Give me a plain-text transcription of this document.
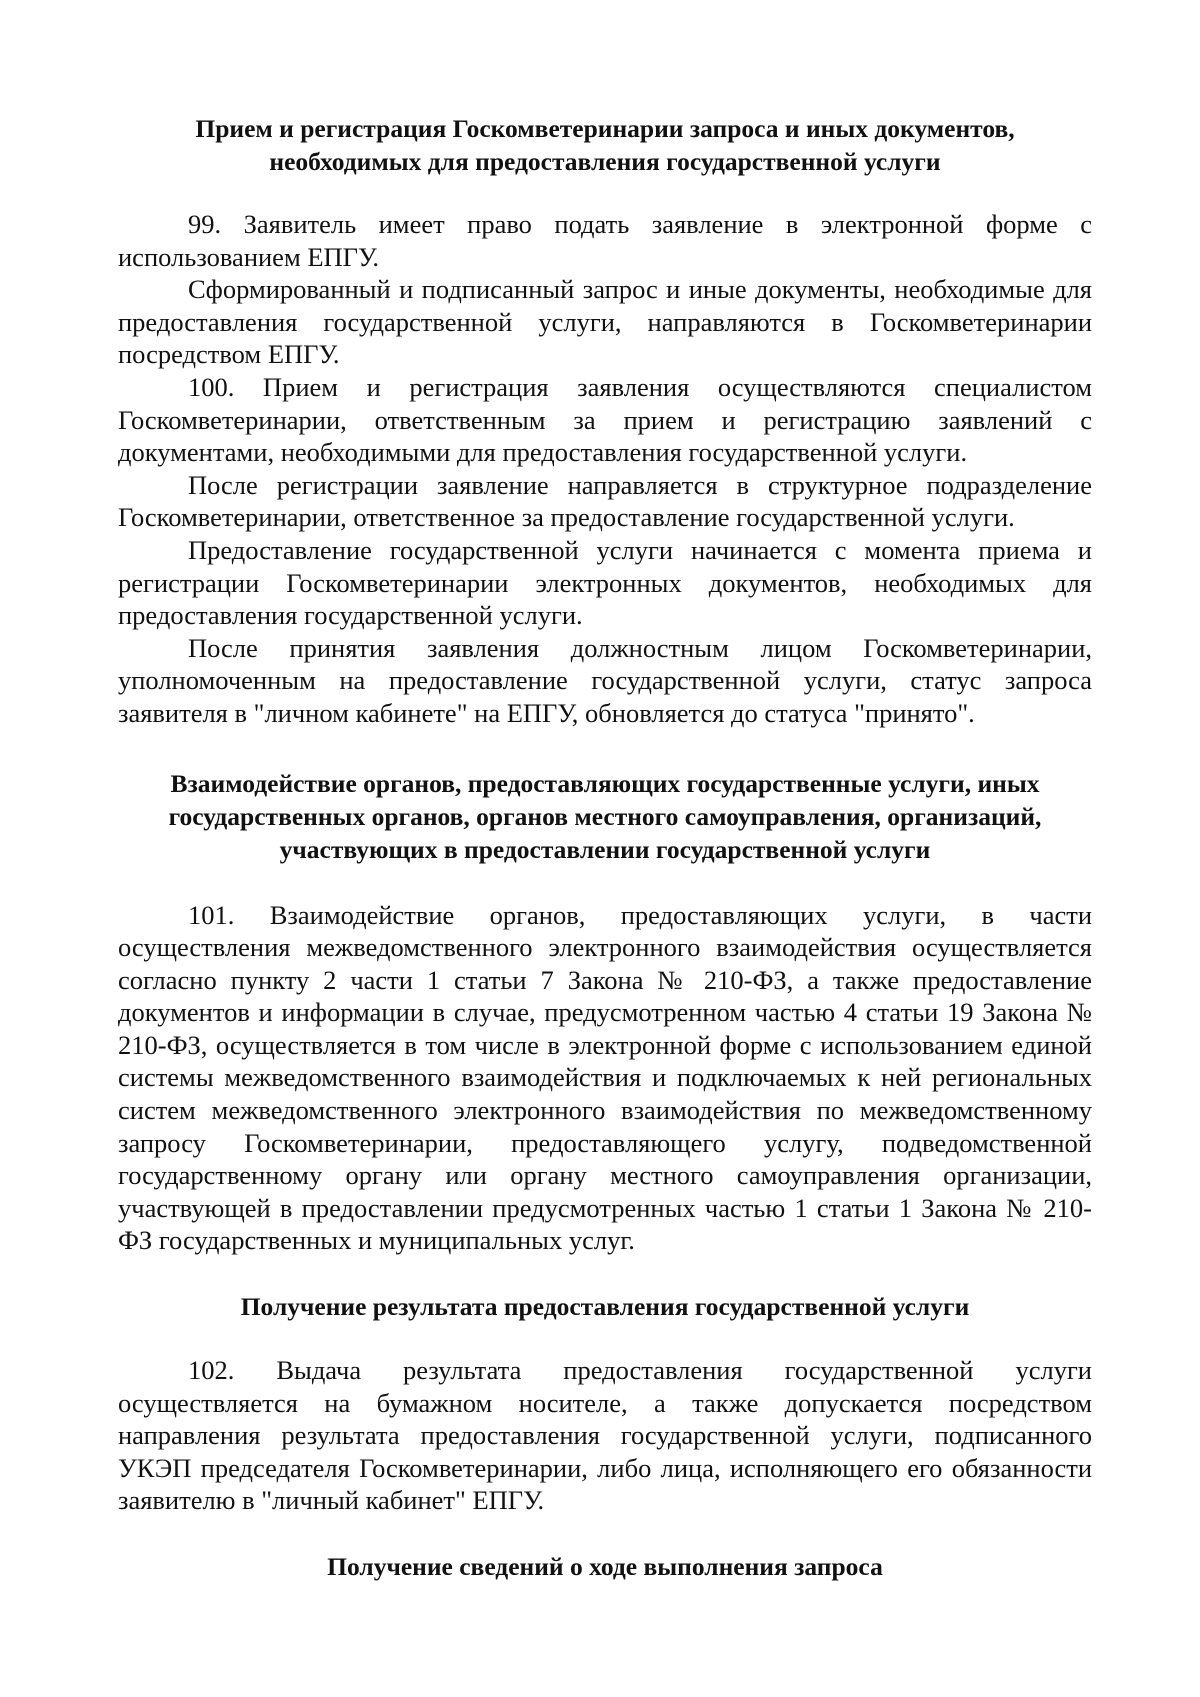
Прием и регистрация Госкомветеринарии запроса и иных документов, необходимых для предоставления государственной услуги

99. Заявитель имеет право подать заявление в электронной форме с использованием ЕПГУ.

Сформированный и подписанный запрос и иные документы, необходимые для предоставления государственной услуги, направляются в Госкомветеринарии посредством ЕПГУ.

100. Прием и регистрация заявления осуществляются специалистом Госкомветеринарии, ответственным за прием и регистрацию заявлений с документами, необходимыми для предоставления государственной услуги.

После регистрации заявление направляется в структурное подразделение Госкомветеринарии, ответственное за предоставление государственной услуги.

Предоставление государственной услуги начинается с момента приема и регистрации Госкомветеринарии электронных документов, необходимых для предоставления государственной услуги.

После принятия заявления должностным лицом Госкомветеринарии, уполномоченным на предоставление государственной услуги, статус запроса заявителя в "личном кабинете" на ЕПГУ, обновляется до статуса "принято".

Взаимодействие органов, предоставляющих государственные услуги, иных государственных органов, органов местного самоуправления, организаций, участвующих в предоставлении государственной услуги

101. Взаимодействие органов, предоставляющих услуги, в части осуществления межведомственного электронного взаимодействия осуществляется согласно пункту 2 части 1 статьи 7 Закона № 210-ФЗ, а также предоставление документов и информации в случае, предусмотренном частью 4 статьи 19 Закона № 210-ФЗ, осуществляется в том числе в электронной форме с использованием единой системы межведомственного взаимодействия и подключаемых к ней региональных систем межведомственного электронного взаимодействия по межведомственному запросу Госкомветеринарии, предоставляющего услугу, подведомственной государственному органу или органу местного самоуправления организации, участвующей в предоставлении предусмотренных частью 1 статьи 1 Закона № 210-ФЗ государственных и муниципальных услуг.

Получение результата предоставления государственной услуги

102. Выдача результата предоставления государственной услуги осуществляется на бумажном носителе, а также допускается посредством направления результата предоставления государственной услуги, подписанного УКЭП председателя Госкомветеринарии, либо лица, исполняющего его обязанности заявителю в "личный кабинет" ЕПГУ.

Получение сведений о ходе выполнения запроса
